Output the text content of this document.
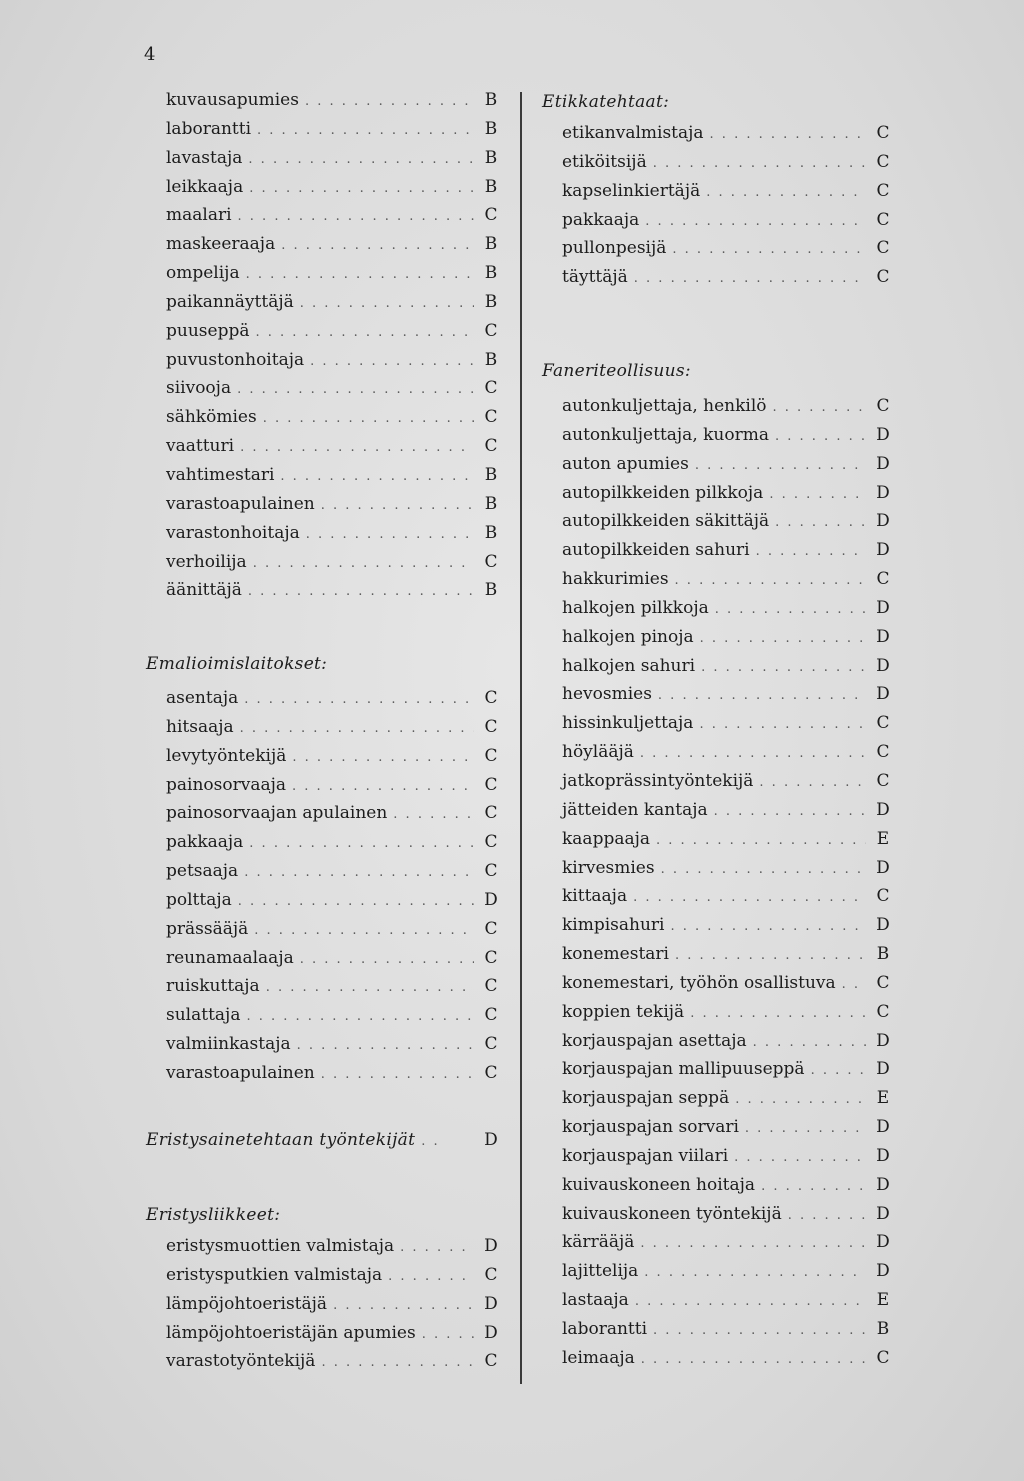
4
kuvausapumies . . .	B
laborantti . . .	B
lavastaja . . .	B
leikkaaja . . .	B
maalari . . .	C
maskeeraaja . . .	B
ompelija . . .	B
paikannäyttäjä . . .	B
puuseppä . . .	C
puvustonhoitaja . . .	B
siivooja . . .	C
sähkömies . . .	C
vaatturi . . .	C
vahtimestari . . .	B
varastoapulainen . . .	B
varastonhoitaja . . .	B
verhoilija . . .	C
äänittäjä . . .	B
Emalioimislaitokset:
asentaja . . .	C
hitsaaja . . .	C
levytyöntekijä . . .	C
painosorvaaja . . .	C
painosorvaajan apulainen . . .	C
pakkaaja . . .	C
petsaaja . . .	C
polttaja . . .	D
prässääjä . . .	C
reunamaalaaja . . .	C
ruiskuttaja . . .	C
sulattaja . . .	C
valmiinkastaja . . .	C
varastoapulainen . . .	C
Eristysainetehtaan työntekijät . .	D
Eristysliikkeet:
eristysmuottien valmistaja . . .	D
eristysputkien valmistaja . . .	C
lämpöjohtoeristäjä . . .	D
lämpöjohtoeristäjän apumies . . .	D
varastotyöntekijä . . .	C
Etikkatehtaat:
etikanvalmistaja . . .	C
etiköitsijä . . .	C
kapselinkiertäjä . . .	C
pakkaaja . . .	C
pullonpesijä . . .	C
täyttäjä . . .	C
Faneriteollisuus:
autonkuljettaja, henkilö . . .	C
autonkuljettaja, kuorma . . .	D
auton apumies . . .	D
autopilkkeiden pilkkoja . . .	D
autopilkkeiden säkittäjä . . .	D
autopilkkeiden sahuri . . .	D
hakkurimies . . .	C
halkojen pilkkoja . . .	D
halkojen pinoja . . .	D
halkojen sahuri . . .	D
hevosmies . . .	D
hissinkuljettaja . . .	C
höylääjä . . .	C
jatkoprässintyöntekijä . . .	C
jätteiden kantaja . . .	D
kaappaaja . . .	E
kirvesmies . . .	D
kittaaja . . .	C
kimpisahuri . . .	D
konemestari . . .	B
konemestari, työhön osallistuva . . . C
koppien tekijä . . .	C
korjauspajan asettaja . . .	D
korjauspajan mallipuuseppä . . .	D
korjauspajan seppä . . .	E
korjauspajan sorvari . . .	D
korjauspajan viilari . . .	D
kuivauskoneen hoitaja . . .	D
kuivauskoneen työntekijä . . .	D
kärrääjä . . .	D
lajittelija . . .	D
lastaaja . . .	E
laborantti . . .	B
leimaaja . . .	C
